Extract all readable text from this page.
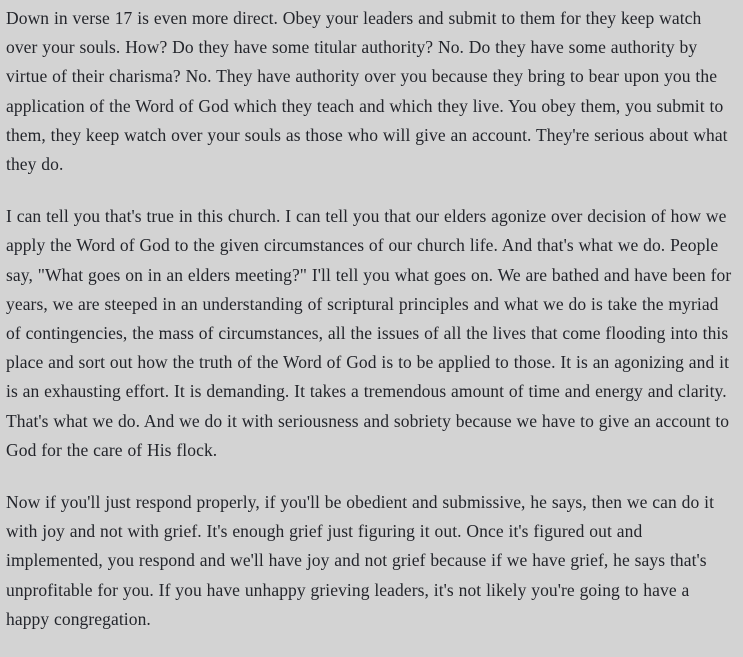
Down in verse 17 is even more direct. Obey your leaders and submit to them for they keep watch over your souls. How? Do they have some titular authority? No. Do they have some authority by virtue of their charisma? No. They have authority over you because they bring to bear upon you the application of the Word of God which they teach and which they live. You obey them, you submit to them, they keep watch over your souls as those who will give an account. They're serious about what they do.

I can tell you that's true in this church. I can tell you that our elders agonize over decision of how we apply the Word of God to the given circumstances of our church life. And that's what we do. People say, "What goes on in an elders meeting?" I'll tell you what goes on. We are bathed and have been for years, we are steeped in an understanding of scriptural principles and what we do is take the myriad of contingencies, the mass of circumstances, all the issues of all the lives that come flooding into this place and sort out how the truth of the Word of God is to be applied to those. It is an agonizing and it is an exhausting effort. It is demanding. It takes a tremendous amount of time and energy and clarity. That's what we do. And we do it with seriousness and sobriety because we have to give an account to God for the care of His flock.

Now if you'll just respond properly, if you'll be obedient and submissive, he says, then we can do it with joy and not with grief. It's enough grief just figuring it out. Once it's figured out and implemented, you respond and we'll have joy and not grief because if we have grief, he says that's unprofitable for you. If you have unhappy grieving leaders, it's not likely you're going to have a happy congregation.
